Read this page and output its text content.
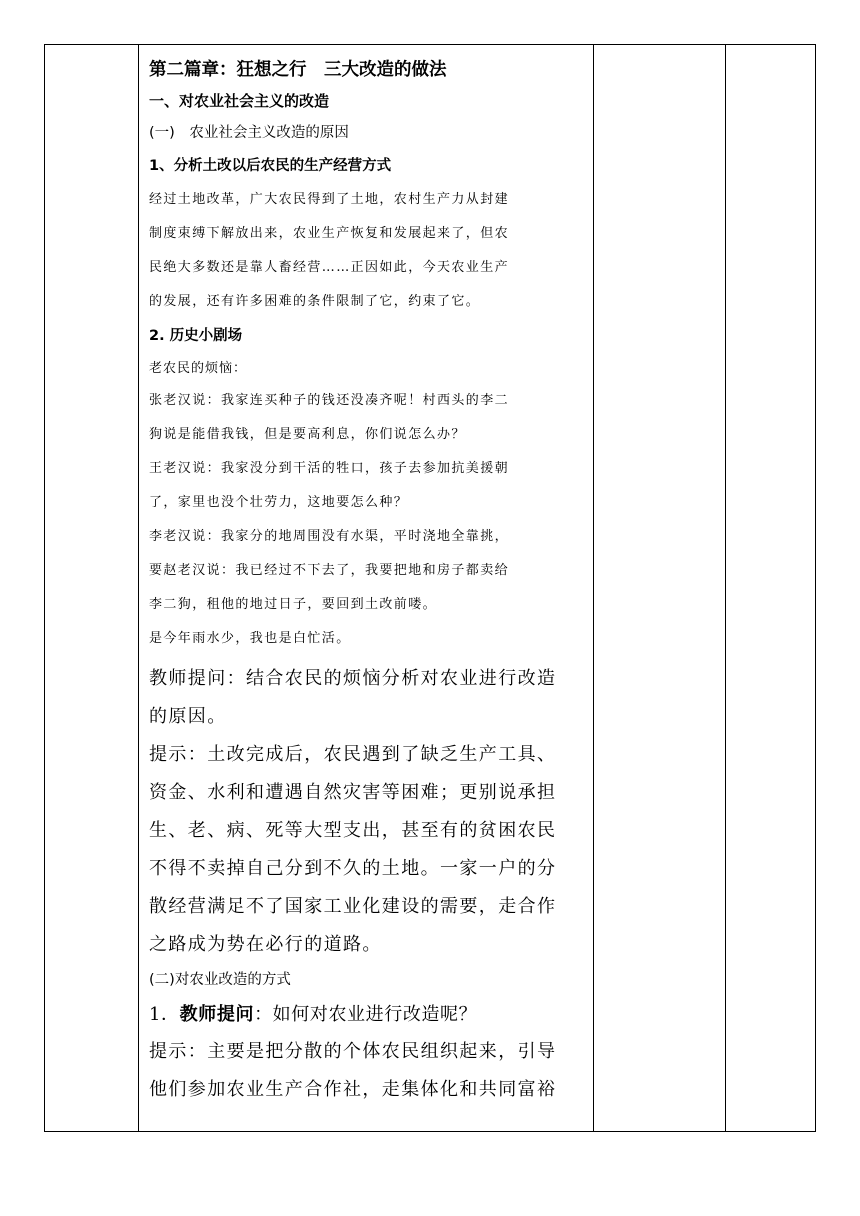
第二篇章：狂想之行　三大改造的做法
一、对农业社会主义的改造
(一)　农业社会主义改造的原因
1、分析土改以后农民的生产经营方式
经过土地改革，广大农民得到了土地，农村生产力从封建
制度束缚下解放出来，农业生产恢复和发展起来了，但农
民绝大多数还是靠人畜经营……正因如此，今天农业生产
的发展，还有许多困难的条件限制了它，约束了它。
2. 历史小剧场
老农民的烦恼：
张老汉说：我家连买种子的钱还没凑齐呢！村西头的李二
狗说是能借我钱，但是要高利息，你们说怎么办？
王老汉说：我家没分到干活的牲口，孩子去参加抗美援朝
了，家里也没个壮劳力，这地要怎么种？
李老汉说：我家分的地周围没有水渠，平时浇地全靠挑，
要赵老汉说：我已经过不下去了，我要把地和房子都卖给
李二狗，租他的地过日子，要回到土改前喽。
是今年雨水少，我也是白忙活。
教师提问：结合农民的烦恼分析对农业进行改造
的原因。
提示：土改完成后，农民遇到了缺乏生产工具、
资金、水利和遭遇自然灾害等困难；更别说承担
生、老、病、死等大型支出，甚至有的贫困农民
不得不卖掉自己分到不久的土地。一家一户的分
散经营满足不了国家工业化建设的需要，走合作
之路成为势在必行的道路。
(二)对农业改造的方式
1．教师提问：如何对农业进行改造呢？
提示：主要是把分散的个体农民组织起来，引导
他们参加农业生产合作社，走集体化和共同富裕
